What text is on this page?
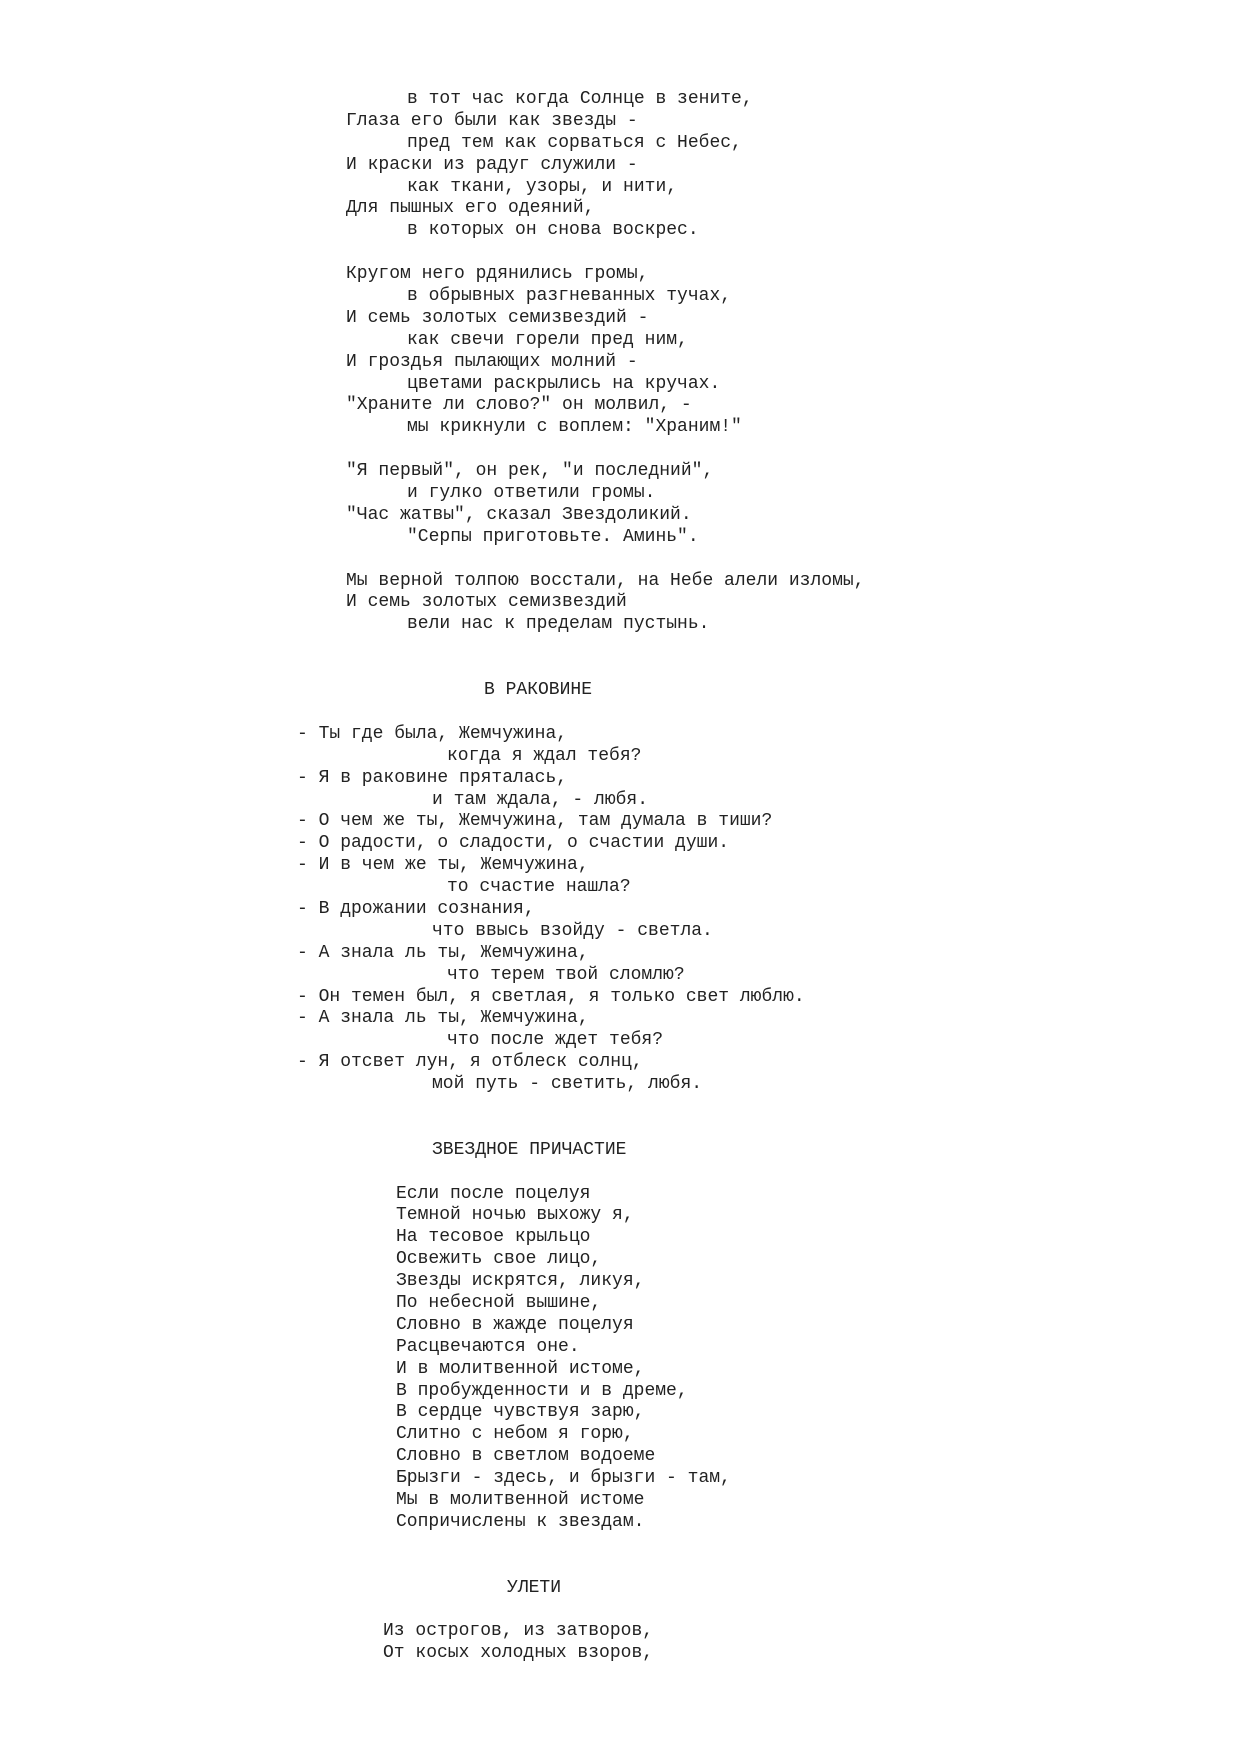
в тот час когда Солнце в зените,
Глаза его были как звезды -
пред тем как сорваться с Небес,
И краски из радуг служили -
как ткани, узоры, и нити,
Для пышных его одеяний,
в которых он снова воскрес.
Кругом него рдянились громы,
в обрывных разгневанных тучах,
И семь золотых семизвездий -
как свечи горели пред ним,
И гроздья пылающих молний -
цветами раскрылись на кручах.
"Храните ли слово?" он молвил, -
мы крикнули с воплем: "Храним!"
"Я первый", он рек, "и последний",
и гулко ответили громы.
"Час жатвы", сказал Звездоликий.
"Серпы приготовьте. Аминь".
Мы верной толпою восстали, на Небе алели изломы,
И семь золотых семизвездий
вели нас к пределам пустынь.
В РАКОВИНЕ
- Ты где была, Жемчужина,
когда я ждал тебя?
- Я в раковине пряталась,
и там ждала, - любя.
- О чем же ты, Жемчужина, там думала в тиши?
- О радости, о сладости, о счастии души.
- И в чем же ты, Жемчужина,
то счастие нашла?
- В дрожании сознания,
что ввысь взойду - светла.
- А знала ль ты, Жемчужина,
что терем твой сломлю?
- Он темен был, я светлая, я только свет люблю.
- А знала ль ты, Жемчужина,
что после ждет тебя?
- Я отсвет лун, я отблеск солнц,
мой путь - светить, любя.
ЗВЕЗДНОЕ ПРИЧАСТИЕ
Если после поцелуя
Темной ночью выхожу я,
На тесовое крыльцо
Освежить свое лицо,
Звезды искрятся, ликуя,
По небесной вышине,
Словно в жажде поцелуя
Расцвечаются оне.
И в молитвенной истоме,
В пробужденности и в дреме,
В сердце чувствуя зарю,
Слитно с небом я горю,
Словно в светлом водоеме
Брызги - здесь, и брызги - там,
Мы в молитвенной истоме
Сопричислены к звездам.
УЛЕТИ
Из острогов, из затворов,
От косых холодных взоров,
